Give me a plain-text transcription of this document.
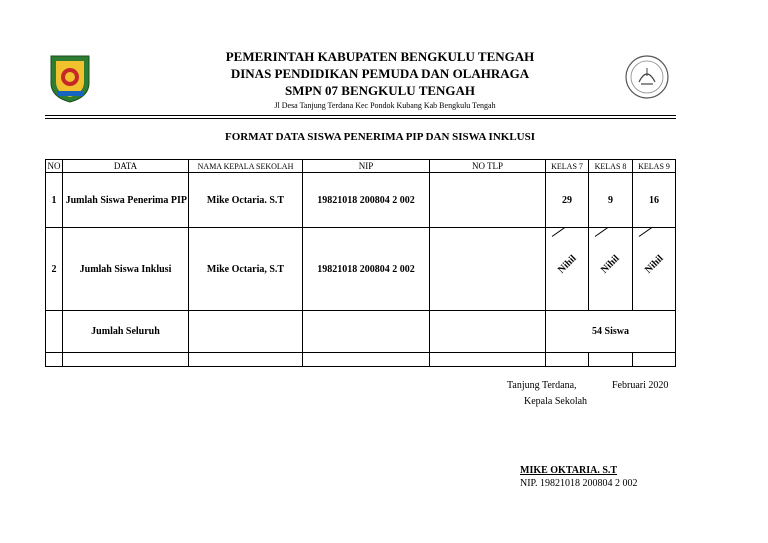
PEMERINTAH KABUPATEN BENGKULU TENGAH
DINAS PENDIDIKAN PEMUDA DAN OLAHRAGA
SMPN 07 BENGKULU TENGAH
Jl Desa Tanjung Terdana Kec Pondok Kubang Kab Bengkulu Tengah
FORMAT DATA SISWA PENERIMA PIP DAN SISWA INKLUSI
NO	DATA	NAMA KEPALA SEKOLAH	NIP	NO TLP	KELAS 7	KELAS 8	KELAS 9
1	Jumlah Siswa Penerima PIP	Mike Octaria. S.T	19821018 200804 2 002		29	9	16
2	Jumlah Siswa Inklusi	Mike Octaria, S.T	19821018 200804 2 002		Nihil	Nihil	Nihil

	Jumlah Seluruh				54 Siswa		

Tanjung Terdana,	Februari 2020
Kepala Sekolah
MIKE OKTARIA. S.T
NIP. 19821018 200804 2 002
